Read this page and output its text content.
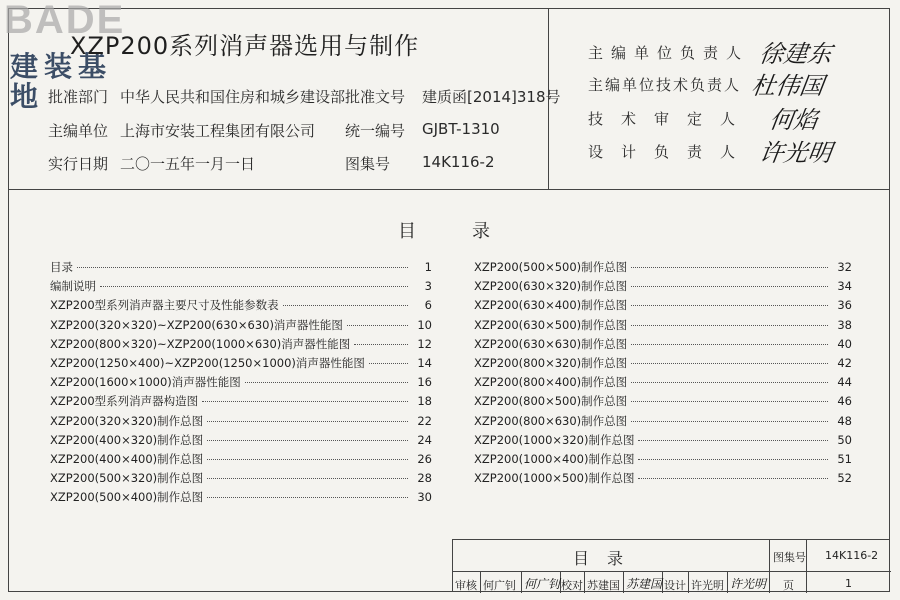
BADE
建装基地
XZP200系列消声器选用与制作
批准部门 中华人民共和国住房和城乡建设部 批准文号 建质函[2014]318号
主编单位 上海市安装工程集团有限公司 统一编号 GJBT-1310
实行日期 二〇一五年一月一日	图集号 14K116-2
主编单位负责人 徐建东
主编单位技术负责人 杜伟国
技术审定人 何焰
设计负责人 许光明
目录
目录	1
编制说明	3
XZP200型系列消声器主要尺寸及性能参数表	6
XZP200(320×320)~XZP200(630×630)消声器性能图	10
XZP200(800×320)~XZP200(1000×630)消声器性能图	12
XZP200(1250×400)~XZP200(1250×1000)消声器性能图	14
XZP200(1600×1000)消声器性能图	16
XZP200型系列消声器构造图	18
XZP200(320×320)制作总图	22
XZP200(400×320)制作总图	24
XZP200(400×400)制作总图	26
XZP200(500×320)制作总图	28
XZP200(500×400)制作总图	30
XZP200(500×500)制作总图	32
XZP200(630×320)制作总图	34
XZP200(630×400)制作总图	36
XZP200(630×500)制作总图	38
XZP200(630×630)制作总图	40
XZP200(800×320)制作总图	42
XZP200(800×400)制作总图	44
XZP200(800×500)制作总图	46
XZP200(800×630)制作总图	48
XZP200(1000×320)制作总图	50
XZP200(1000×400)制作总图	51
XZP200(1000×500)制作总图	52
目录	图集号 14K116-2
审核 何广钊 何广钊 校对 苏建国 苏建国 设计 许光明 许光明 页	1
